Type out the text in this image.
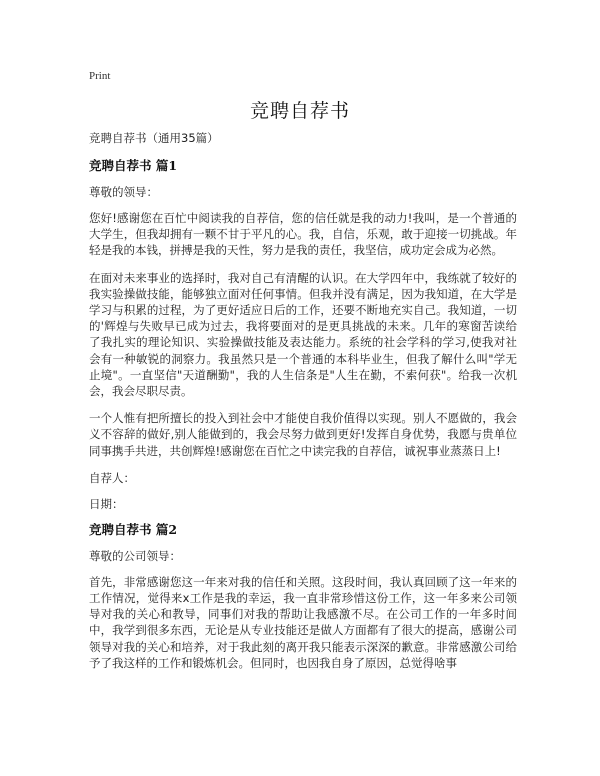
Print
竞聘自荐书
竞聘自荐书（通用35篇）
竞聘自荐书 篇1
尊敬的领导：

您好!感谢您在百忙中阅读我的自荐信，您的信任就是我的动力!我叫，是一个普通的大学生，但我却拥有一颗不甘于平凡的心。我，自信，乐观，敢于迎接一切挑战。年轻是我的本钱，拼搏是我的天性，努力是我的责任，我坚信，成功定会成为必然。

在面对未来事业的选择时，我对自己有清醒的认识。在大学四年中，我练就了较好的我实验操做技能，能够独立面对任何事情。但我并没有满足，因为我知道，在大学是学习与积累的过程，为了更好适应日后的工作，还要不断地充实自己。我知道，一切的'辉煌与失败早已成为过去，我将要面对的是更具挑战的未来。几年的寒窗苦读给了我扎实的理论知识、实验操做技能及表达能力。系统的社会学科的学习,使我对社会有一种敏锐的洞察力。我虽然只是一个普通的本科毕业生，但我了解什么叫"学无止境"。一直坚信"天道酬勤"，我的人生信条是"人生在勤，不索何获"。给我一次机会，我会尽职尽责。

一个人惟有把所擅长的投入到社会中才能使自我价值得以实现。别人不愿做的，我会义不容辞的做好,别人能做到的，我会尽努力做到更好!发挥自身优势，我愿与贵单位同事携手共进，共创辉煌!感谢您在百忙之中读完我的自荐信，诚祝事业蒸蒸日上!

自荐人：
日期：
竞聘自荐书 篇2
尊敬的公司领导：

首先，非常感谢您这一年来对我的信任和关照。这段时间，我认真回顾了这一年来的工作情况，觉得来x工作是我的幸运，我一直非常珍惜这份工作，这一年多来公司领导对我的关心和教导，同事们对我的帮助让我感激不尽。在公司工作的一年多时间中，我学到很多东西，无论是从专业技能还是做人方面都有了很大的提高，感谢公司领导对我的关心和培养，对于我此刻的离开我只能表示深深的歉意。非常感激公司给予了我这样的工作和锻炼机会。但同时，也因我自身了原因，总觉得啥事
